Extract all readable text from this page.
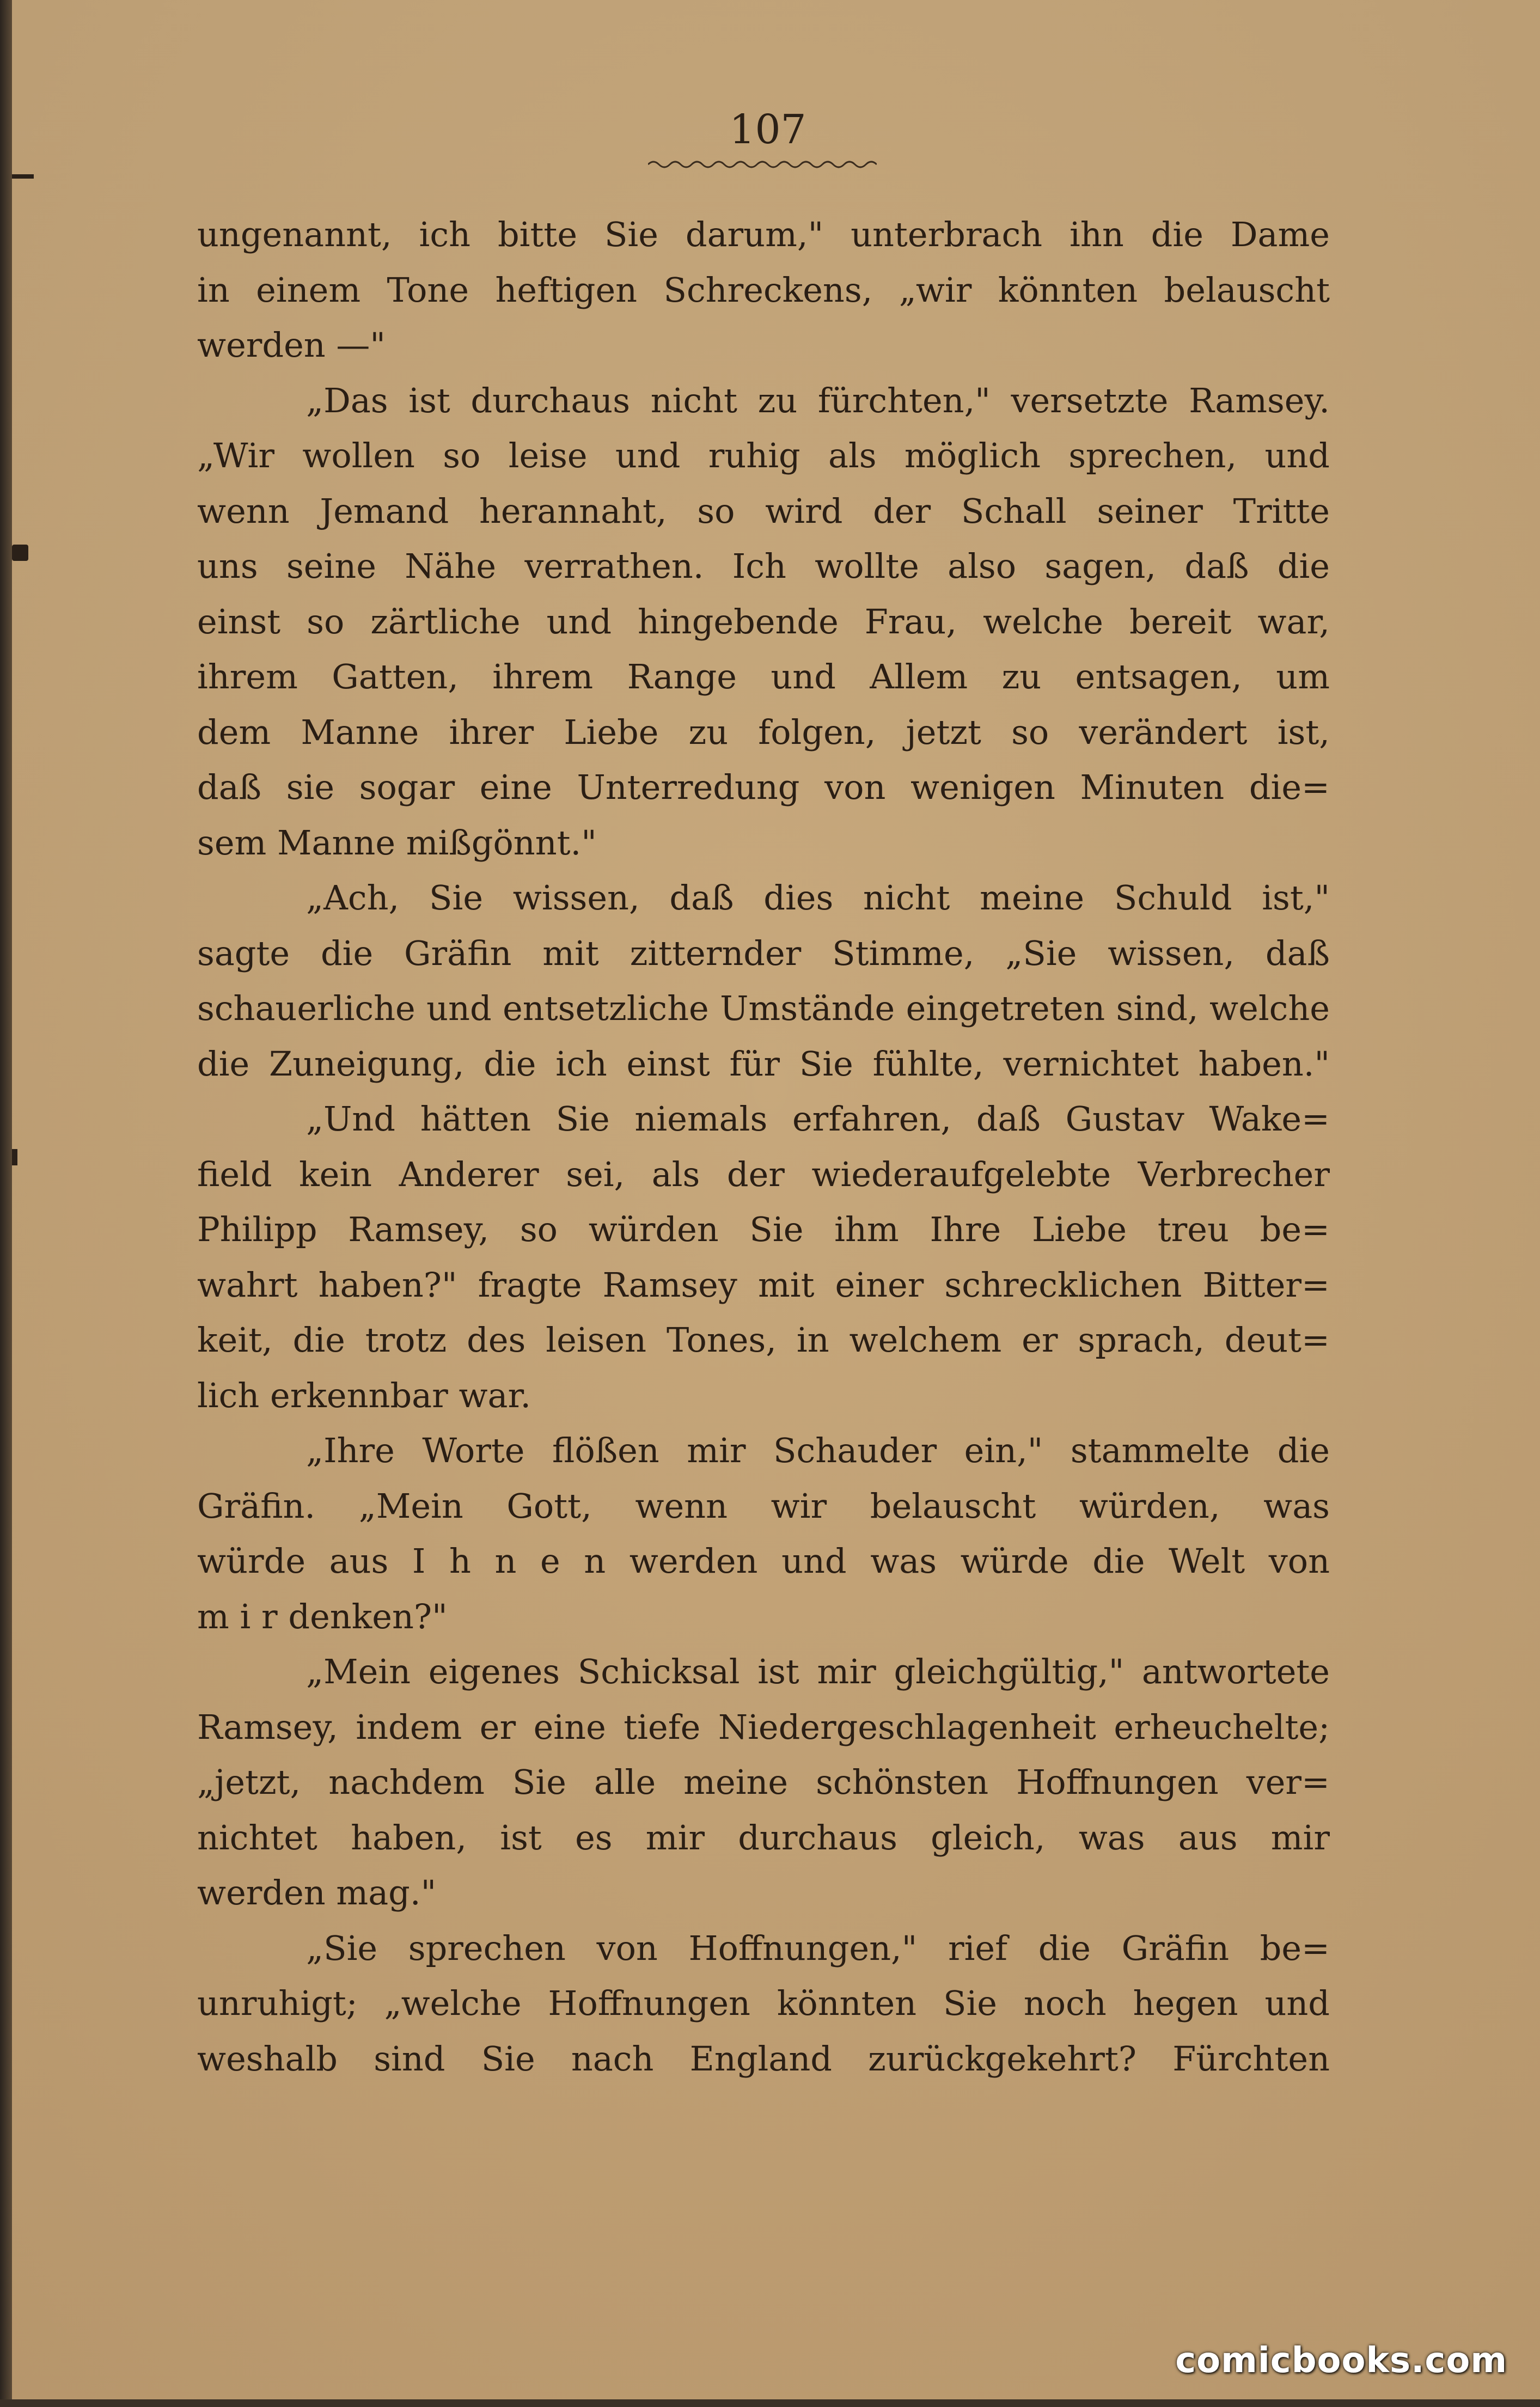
107
ungenannt, ich bitte Sie darum," unterbrach ihn die Dame
in einem Tone heftigen Schreckens, „wir könnten belauscht
werden —"
„Das ist durchaus nicht zu fürchten," versetzte Ramsey.
„Wir wollen so leise und ruhig als möglich sprechen, und
wenn Jemand herannaht, so wird der Schall seiner Tritte
uns seine Nähe verrathen. Ich wollte also sagen, daß die
einst so zärtliche und hingebende Frau, welche bereit war,
ihrem Gatten, ihrem Range und Allem zu entsagen, um
dem Manne ihrer Liebe zu folgen, jetzt so verändert ist,
daß sie sogar eine Unterredung von wenigen Minuten die=
sem Manne mißgönnt."
„Ach, Sie wissen, daß dies nicht meine Schuld ist,"
sagte die Gräfin mit zitternder Stimme, „Sie wissen, daß
schauerliche und entsetzliche Umstände eingetreten sind, welche
die Zuneigung, die ich einst für Sie fühlte, vernichtet haben."
„Und hätten Sie niemals erfahren, daß Gustav Wake=
field kein Anderer sei, als der wiederaufgelebte Verbrecher
Philipp Ramsey, so würden Sie ihm Ihre Liebe treu be=
wahrt haben?" fragte Ramsey mit einer schrecklichen Bitter=
keit, die trotz des leisen Tones, in welchem er sprach, deut=
lich erkennbar war.
„Ihre Worte flößen mir Schauder ein," stammelte die
Gräfin. „Mein Gott, wenn wir belauscht würden, was
würde aus I h n e n werden und was würde die Welt von
m i r denken?"
„Mein eigenes Schicksal ist mir gleichgültig," antwortete
Ramsey, indem er eine tiefe Niedergeschlagenheit erheuchelte;
„jetzt, nachdem Sie alle meine schönsten Hoffnungen ver=
nichtet haben, ist es mir durchaus gleich, was aus mir
werden mag."
„Sie sprechen von Hoffnungen," rief die Gräfin be=
unruhigt; „welche Hoffnungen könnten Sie noch hegen und
weshalb sind Sie nach England zurückgekehrt? Fürchten
comicbooks.com
